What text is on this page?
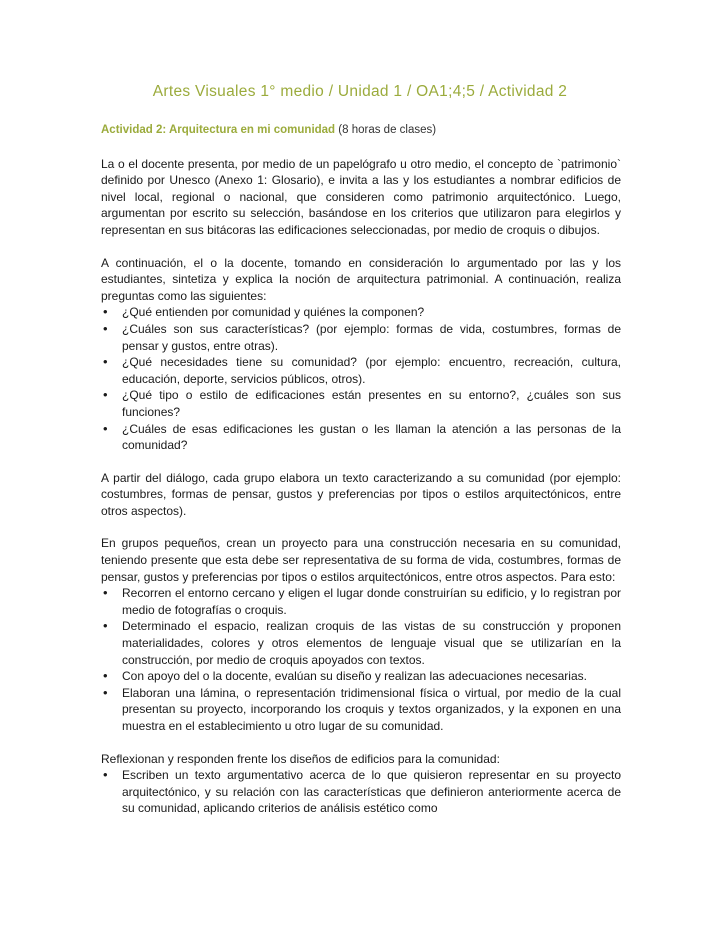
Artes Visuales 1° medio / Unidad 1 / OA1;4;5 / Actividad 2
Actividad 2: Arquitectura en mi comunidad (8 horas de clases)

La o el docente presenta, por medio de un papelógrafo u otro medio, el concepto de `patrimonio` definido por Unesco (Anexo 1: Glosario), e invita a las y los estudiantes a nombrar edificios de nivel local, regional o nacional, que consideren como patrimonio arquitectónico. Luego, argumentan por escrito su selección, basándose en los criterios que utilizaron para elegirlos y representan en sus bitácoras las edificaciones seleccionadas, por medio de croquis o dibujos.

A continuación, el o la docente, tomando en consideración lo argumentado por las y los estudiantes, sintetiza y explica la noción de arquitectura patrimonial. A continuación, realiza preguntas como las siguientes:

• ¿Qué entienden por comunidad y quiénes la componen?
• ¿Cuáles son sus características? (por ejemplo: formas de vida, costumbres, formas de pensar y gustos, entre otras).
• ¿Qué necesidades tiene su comunidad? (por ejemplo: encuentro, recreación, cultura, educación, deporte, servicios públicos, otros).
• ¿Qué tipo o estilo de edificaciones están presentes en su entorno?, ¿cuáles son sus funciones?
• ¿Cuáles de esas edificaciones les gustan o les llaman la atención a las personas de la comunidad?

A partir del diálogo, cada grupo elabora un texto caracterizando a su comunidad (por ejemplo: costumbres, formas de pensar, gustos y preferencias por tipos o estilos arquitectónicos, entre otros aspectos).

En grupos pequeños, crean un proyecto para una construcción necesaria en su comunidad, teniendo presente que esta debe ser representativa de su forma de vida, costumbres, formas de pensar, gustos y preferencias por tipos o estilos arquitectónicos, entre otros aspectos. Para esto:

• Recorren el entorno cercano y eligen el lugar donde construirían su edificio, y lo registran por medio de fotografías o croquis.
• Determinado el espacio, realizan croquis de las vistas de su construcción y proponen materialidades, colores y otros elementos de lenguaje visual que se utilizarían en la construcción, por medio de croquis apoyados con textos.
• Con apoyo del o la docente, evalúan su diseño y realizan las adecuaciones necesarias.
• Elaboran una lámina, o representación tridimensional física o virtual, por medio de la cual presentan su proyecto, incorporando los croquis y textos organizados, y la exponen en una muestra en el establecimiento u otro lugar de su comunidad.

Reflexionan y responden frente los diseños de edificios para la comunidad:

• Escriben un texto argumentativo acerca de lo que quisieron representar en su proyecto arquitectónico, y su relación con las características que definieron anteriormente acerca de su comunidad, aplicando criterios de análisis estético como
